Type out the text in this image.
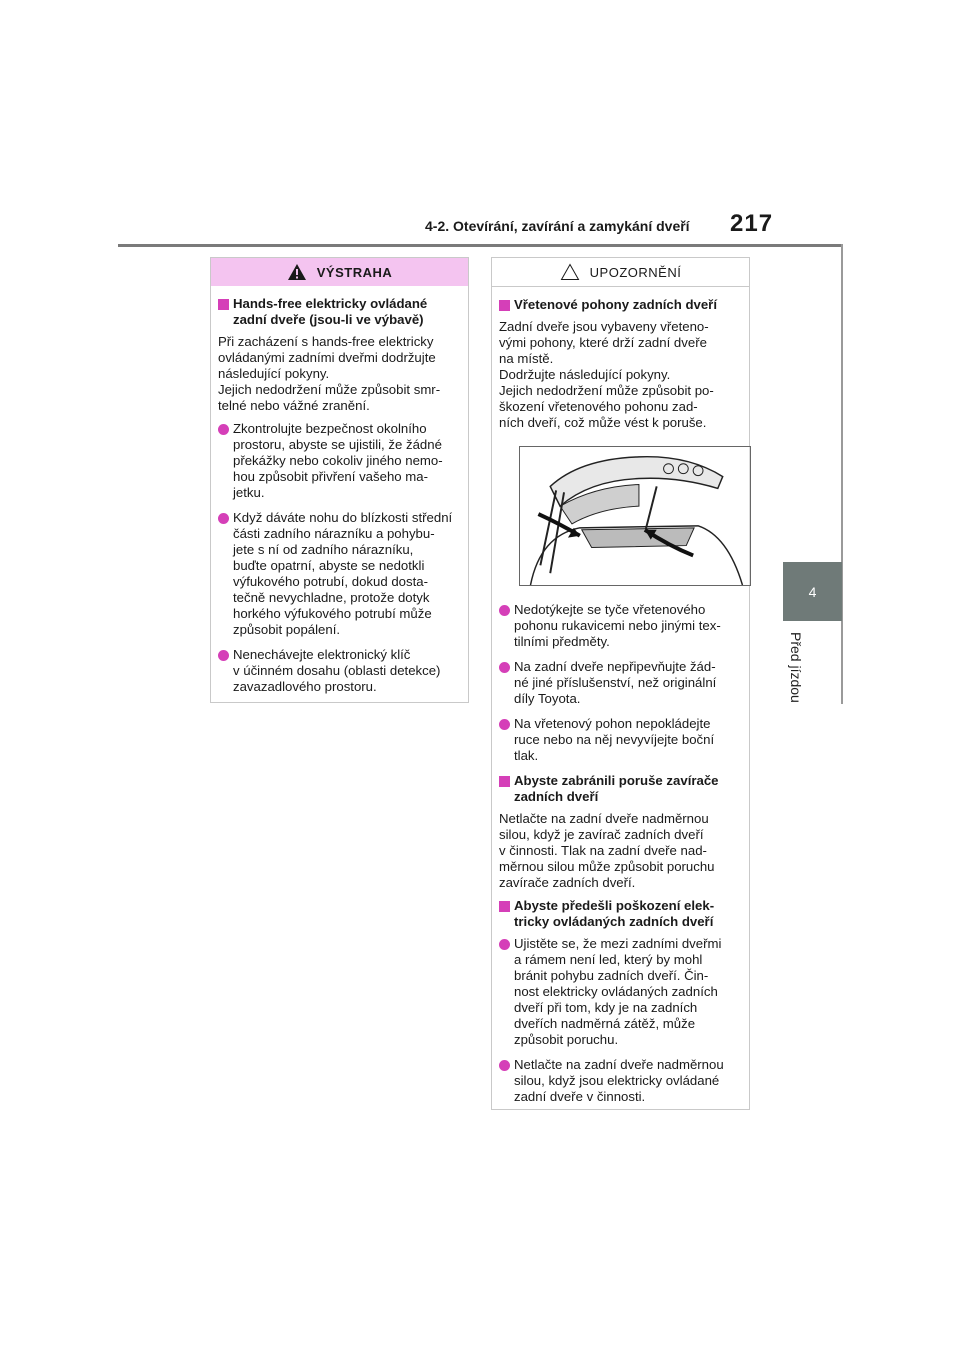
4-2. Otevírání, zavírání a zamykání dveří 217
4
Před jízdou
VÝSTRAHA
Hands-free elektricky ovládané
zadní dveře (jsou-li ve výbavě)
Při zacházení s hands-free elektricky
ovládanými zadními dveřmi dodržujte
následující pokyny.
Jejich nedodržení může způsobit smr-
telné nebo vážné zranění.
Zkontrolujte bezpečnost okolního
prostoru, abyste se ujistili, že žádné
překážky nebo cokoliv jiného nemo-
hou způsobit přivření vašeho ma-
jetku.
Když dáváte nohu do blízkosti střední
části zadního nárazníku a pohybu-
jete s ní od zadního nárazníku,
buďte opatrní, abyste se nedotkli
výfukového potrubí, dokud dosta-
tečně nevychladne, protože dotyk
horkého výfukového potrubí může
způsobit popálení.
Nenechávejte elektronický klíč
v účinném dosahu (oblasti detekce)
zavazadlového prostoru.
UPOZORNĚNÍ
Vřetenové pohony zadních dveří
Zadní dveře jsou vybaveny vřeteno-
vými pohony, které drží zadní dveře
na místě.
Dodržujte následující pokyny.
Jejich nedodržení může způsobit po-
škození vřetenového pohonu zad-
ních dveří, což může vést k poruše.
Nedotýkejte se tyče vřetenového
pohonu rukavicemi nebo jinými tex-
tilními předměty.
Na zadní dveře nepřipevňujte žád-
né jiné příslušenství, než originální
díly Toyota.
Na vřetenový pohon nepokládejte
ruce nebo na něj nevyvíjejte boční
tlak.
Abyste zabránili poruše zavírače
zadních dveří
Netlačte na zadní dveře nadměrnou
silou, když je zavírač zadních dveří
v činnosti. Tlak na zadní dveře nad-
měrnou silou může způsobit poruchu
zavírače zadních dveří.
Abyste předešli poškození elek-
tricky ovládaných zadních dveří
Ujistěte se, že mezi zadními dveřmi
a rámem není led, který by mohl
bránit pohybu zadních dveří. Čin-
nost elektricky ovládaných zadních
dveří při tom, kdy je na zadních
dveřích nadměrná zátěž, může
způsobit poruchu.
Netlačte na zadní dveře nadměrnou
silou, když jsou elektricky ovládané
zadní dveře v činnosti.
